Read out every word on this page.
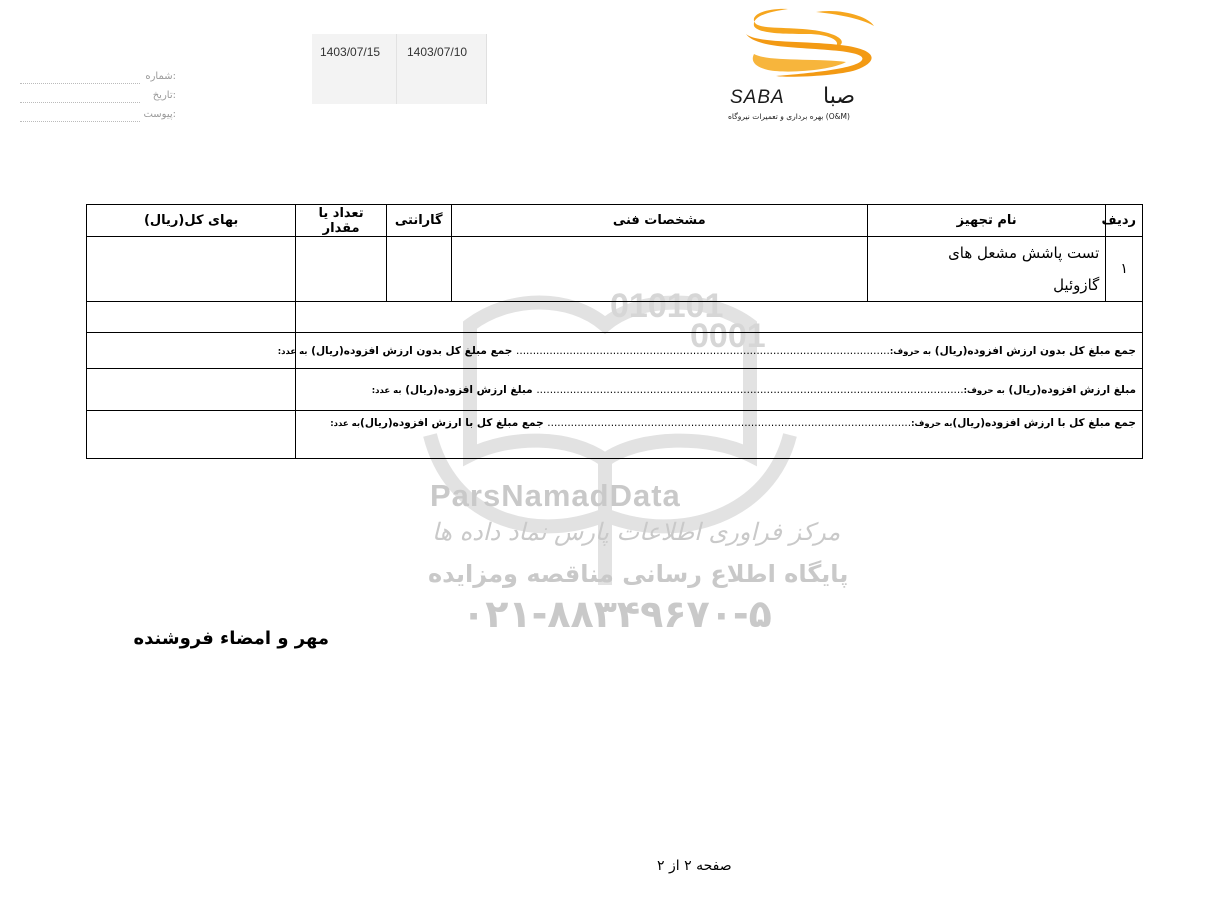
شماره:
تاریخ:
پیوست:
1403/07/15 1403/07/10
SABA صبا
بهره برداری و تعمیرات نیروگاه (O&M)
010101
0001
ParsNamadData
مرکز فراوری اطلاعات پارس نماد داده ها
پایگاه اطلاع رسانی مناقصه ومزایده
۰۲۱-۸۸۳۴۹۶۷۰-۵
ردیف	نام تجهیز	مشخصات فنی	گارانتی	تعداد یا مقدار	بهای کل(ریال)
۱	تست پاشش مشعل های
گازوئیل				

جمع مبلغ کل بدون ارزش افزوده(ریال) به حروف:................................................................................................................ جمع مبلغ کل بدون ارزش افزوده(ریال) به عدد:					
مبلغ ارزش افزوده(ریال) به حروف:................................................................................................................................ مبلغ ارزش افزوده(ریال) به عدد:					
جمع مبلغ کل با ارزش افزوده(ریال)به حروف:............................................................................................................. جمع مبلغ کل با ارزش افزوده(ریال)به عدد:					
مهر و امضاء فروشنده
صفحه ۲ از ۲
